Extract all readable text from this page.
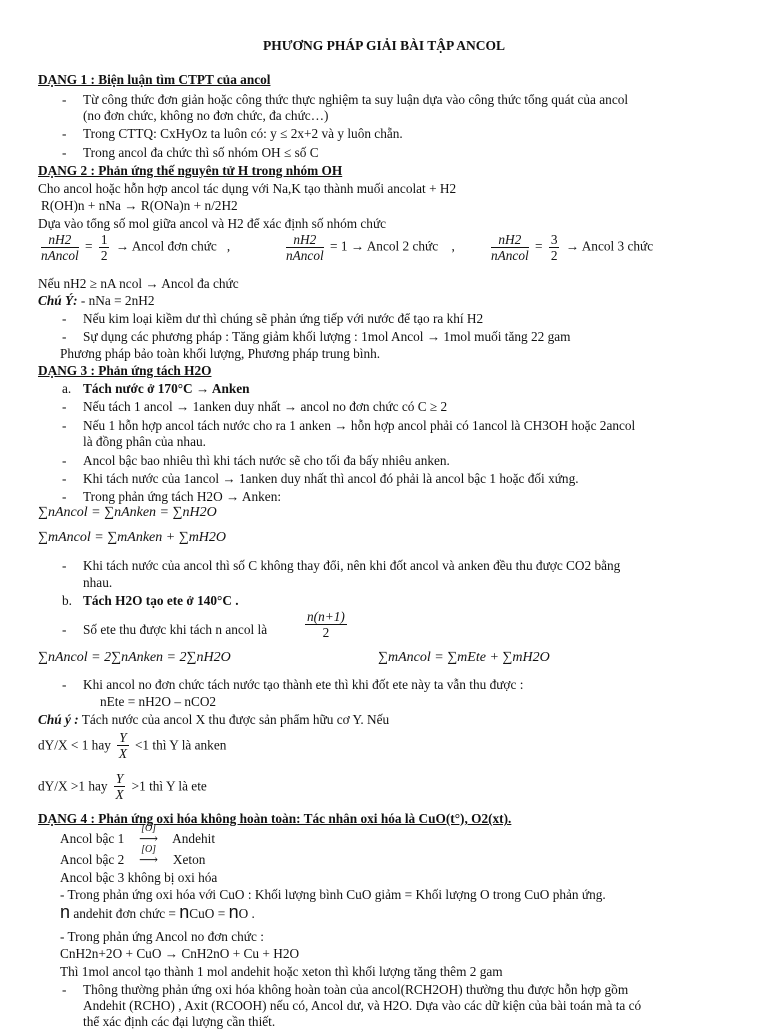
PHƯƠNG PHÁP GIẢI BÀI TẬP ANCOL
DẠNG 1 : Biện luận tìm CTPT của ancol
- Từ công thức đơn giản hoặc công thức thực nghiệm ta suy luận dựa vào công thức tổng quát của ancol
(no đơn chức, không no đơn chức, đa chức…)
- Trong CTTQ: CxHyOz ta luôn có: y ≤ 2x+2 và y luôn chẵn.
- Trong ancol đa chức thì số nhóm OH ≤ số C
DẠNG 2 : Phản ứng thế nguyên tử H trong nhóm OH
Cho ancol hoặc hỗn hợp ancol tác dụng với Na,K tạo thành muối ancolat + H2
R(OH)n + nNa → R(ONa)n + n/2H2
Dựa vào tổng số mol giữa ancol và H2 để xác định số nhóm chức
$\frac{nH2}{\text{nAncol}} = \frac{1}{2}$ → Ancol đơn chức   ,	$\frac{nH2}{\text{nAncol}} = 1$ → Ancol 2 chức    ,	$\frac{nH2}{\text{nAncol}} = \frac{3}{2}$ → Ancol 3 chức
Nếu nH2 ≥ nA ncol → Ancol đa chức
Chú Ý: - nNa = 2nH2
- Nếu kim loại kiềm dư thì chúng sẽ phản ứng tiếp với nước để tạo ra khí H2
- Sự dụng các phương pháp : Tăng giảm khối lượng : 1mol Ancol → 1mol muối tăng 22 gam
Phương pháp bảo toàn khối lượng, Phương pháp trung bình.
DẠNG 3 : Phản ứng tách H2O
a. Tách nước ở 170°C → Anken
- Nếu tách 1 ancol → 1anken duy nhất → ancol no đơn chức có C ≥ 2
- Nếu 1 hỗn hợp ancol tách nước cho ra 1 anken → hỗn hợp ancol phải có 1ancol là CH3OH hoặc 2ancol
là đồng phân của nhau.
- Ancol bậc bao nhiêu thì khi tách nước sẽ cho tối đa bấy nhiêu anken.
- Khi tách nước của 1ancol → 1anken duy nhất thì ancol đó phải là ancol bậc 1 hoặc đối xứng.
- Trong phản ứng tách H2O → Anken:
∑nAncol = ∑nAnken = ∑nH2O
∑mAncol = ∑mAnken + ∑mH2O
- Khi tách nước của ancol thì số C không thay đổi, nên khi đốt ancol và anken đều thu được CO2 bằng
nhau.
b. Tách H2O tạo ete ở 140°C .
- Số ete thu được khi tách n ancol là	$\frac{n(n+1)}{2}$
∑nAncol = 2∑nAnken = 2∑nH2O	∑mAncol = ∑mEte + ∑mH2O
- Khi ancol no đơn chức tách nước tạo thành ete thì khi đốt ete này ta vẫn thu được :
nEte = nH2O – nCO2
Chú ý : Tách nước của ancol X thu được sản phẩm hữu cơ Y. Nếu
dY/X < 1 hay $\frac{Y}{X} <1$ thì Y là anken
dY/X >1 hay $\frac{Y}{X} >1$ thì Y là ete
DẠNG 4 : Phản ứng oxi hóa không hoàn toàn: Tác nhân oxi hóa là CuO(t°), O2(xt).
Ancol bậc 1
[O]
⟶ Andehit
Ancol bậc 2
[O]
⟶ Xeton
Ancol bậc 3 không bị oxi hóa
- Trong phản ứng oxi hóa với CuO : Khối lượng bình CuO giảm = Khối lượng O trong CuO phản ứng.
n andehit đơn chức = nCuO = nO .
- Trong phản ứng Ancol no đơn chức :
CnH2n+2O + CuO → CnH2nO + Cu + H2O
Thì 1mol ancol tạo thành 1 mol andehit hoặc xeton thì khối lượng tăng thêm 2 gam
- Thông thường phản ứng oxi hóa không hoàn toàn của ancol(RCH2OH) thường thu được hỗn hợp gồm
Andehit (RCHO) , Axit (RCOOH) nếu có, Ancol dư, và H2O. Dựa vào các dữ kiện của bài toán mà ta có
thể xác định các đại lượng cần thiết.
